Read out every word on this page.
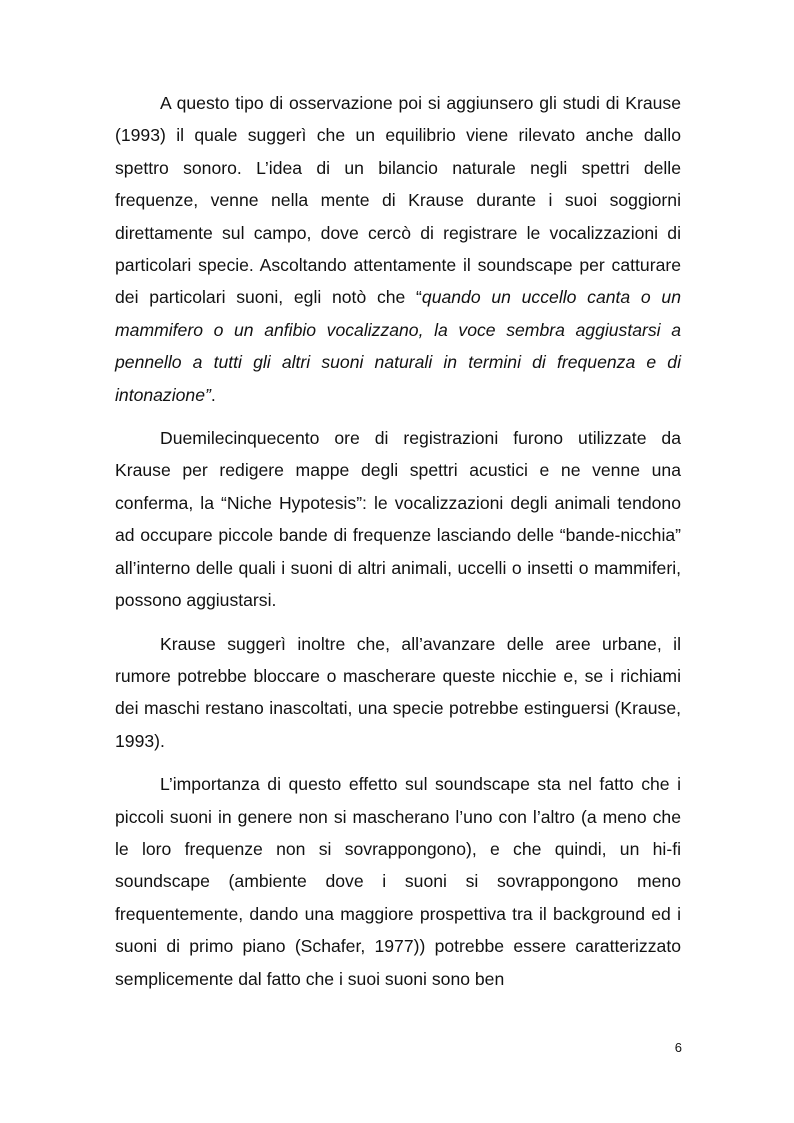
A questo tipo di osservazione poi si aggiunsero gli studi di Krause (1993) il quale suggerì che un equilibrio viene rilevato anche dallo spettro sonoro. L’idea di un bilancio naturale negli spettri delle frequenze, venne nella mente di Krause durante i suoi soggiorni direttamente sul campo, dove cercò di registrare le vocalizzazioni di particolari specie. Ascoltando attentamente il soundscape per catturare dei particolari suoni, egli notò che “quando un uccello canta o un mammifero o un anfibio vocalizzano, la voce sembra aggiustarsi a pennello a tutti gli altri suoni naturali in termini di frequenza e di intonazione”.

Duemilecinquecento ore di registrazioni furono utilizzate da Krause per redigere mappe degli spettri acustici e ne venne una conferma, la “Niche Hypotesis”: le vocalizzazioni degli animali tendono ad occupare piccole bande di frequenze lasciando delle “bande-nicchia” all’interno delle quali i suoni di altri animali, uccelli o insetti o mammiferi, possono aggiustarsi.

Krause suggerì inoltre che, all’avanzare delle aree urbane, il rumore potrebbe bloccare o mascherare queste nicchie e, se i richiami dei maschi restano inascoltati, una specie potrebbe estinguersi (Krause, 1993).

L’importanza di questo effetto sul soundscape sta nel fatto che i piccoli suoni in genere non si mascherano l’uno con l’altro (a meno che le loro frequenze non si sovrappongono), e che quindi, un hi-fi soundscape (ambiente dove i suoni si sovrappongono meno frequentemente, dando una maggiore prospettiva tra il background ed i suoni di primo piano (Schafer, 1977)) potrebbe essere caratterizzato semplicemente dal fatto che i suoi suoni sono ben

6
